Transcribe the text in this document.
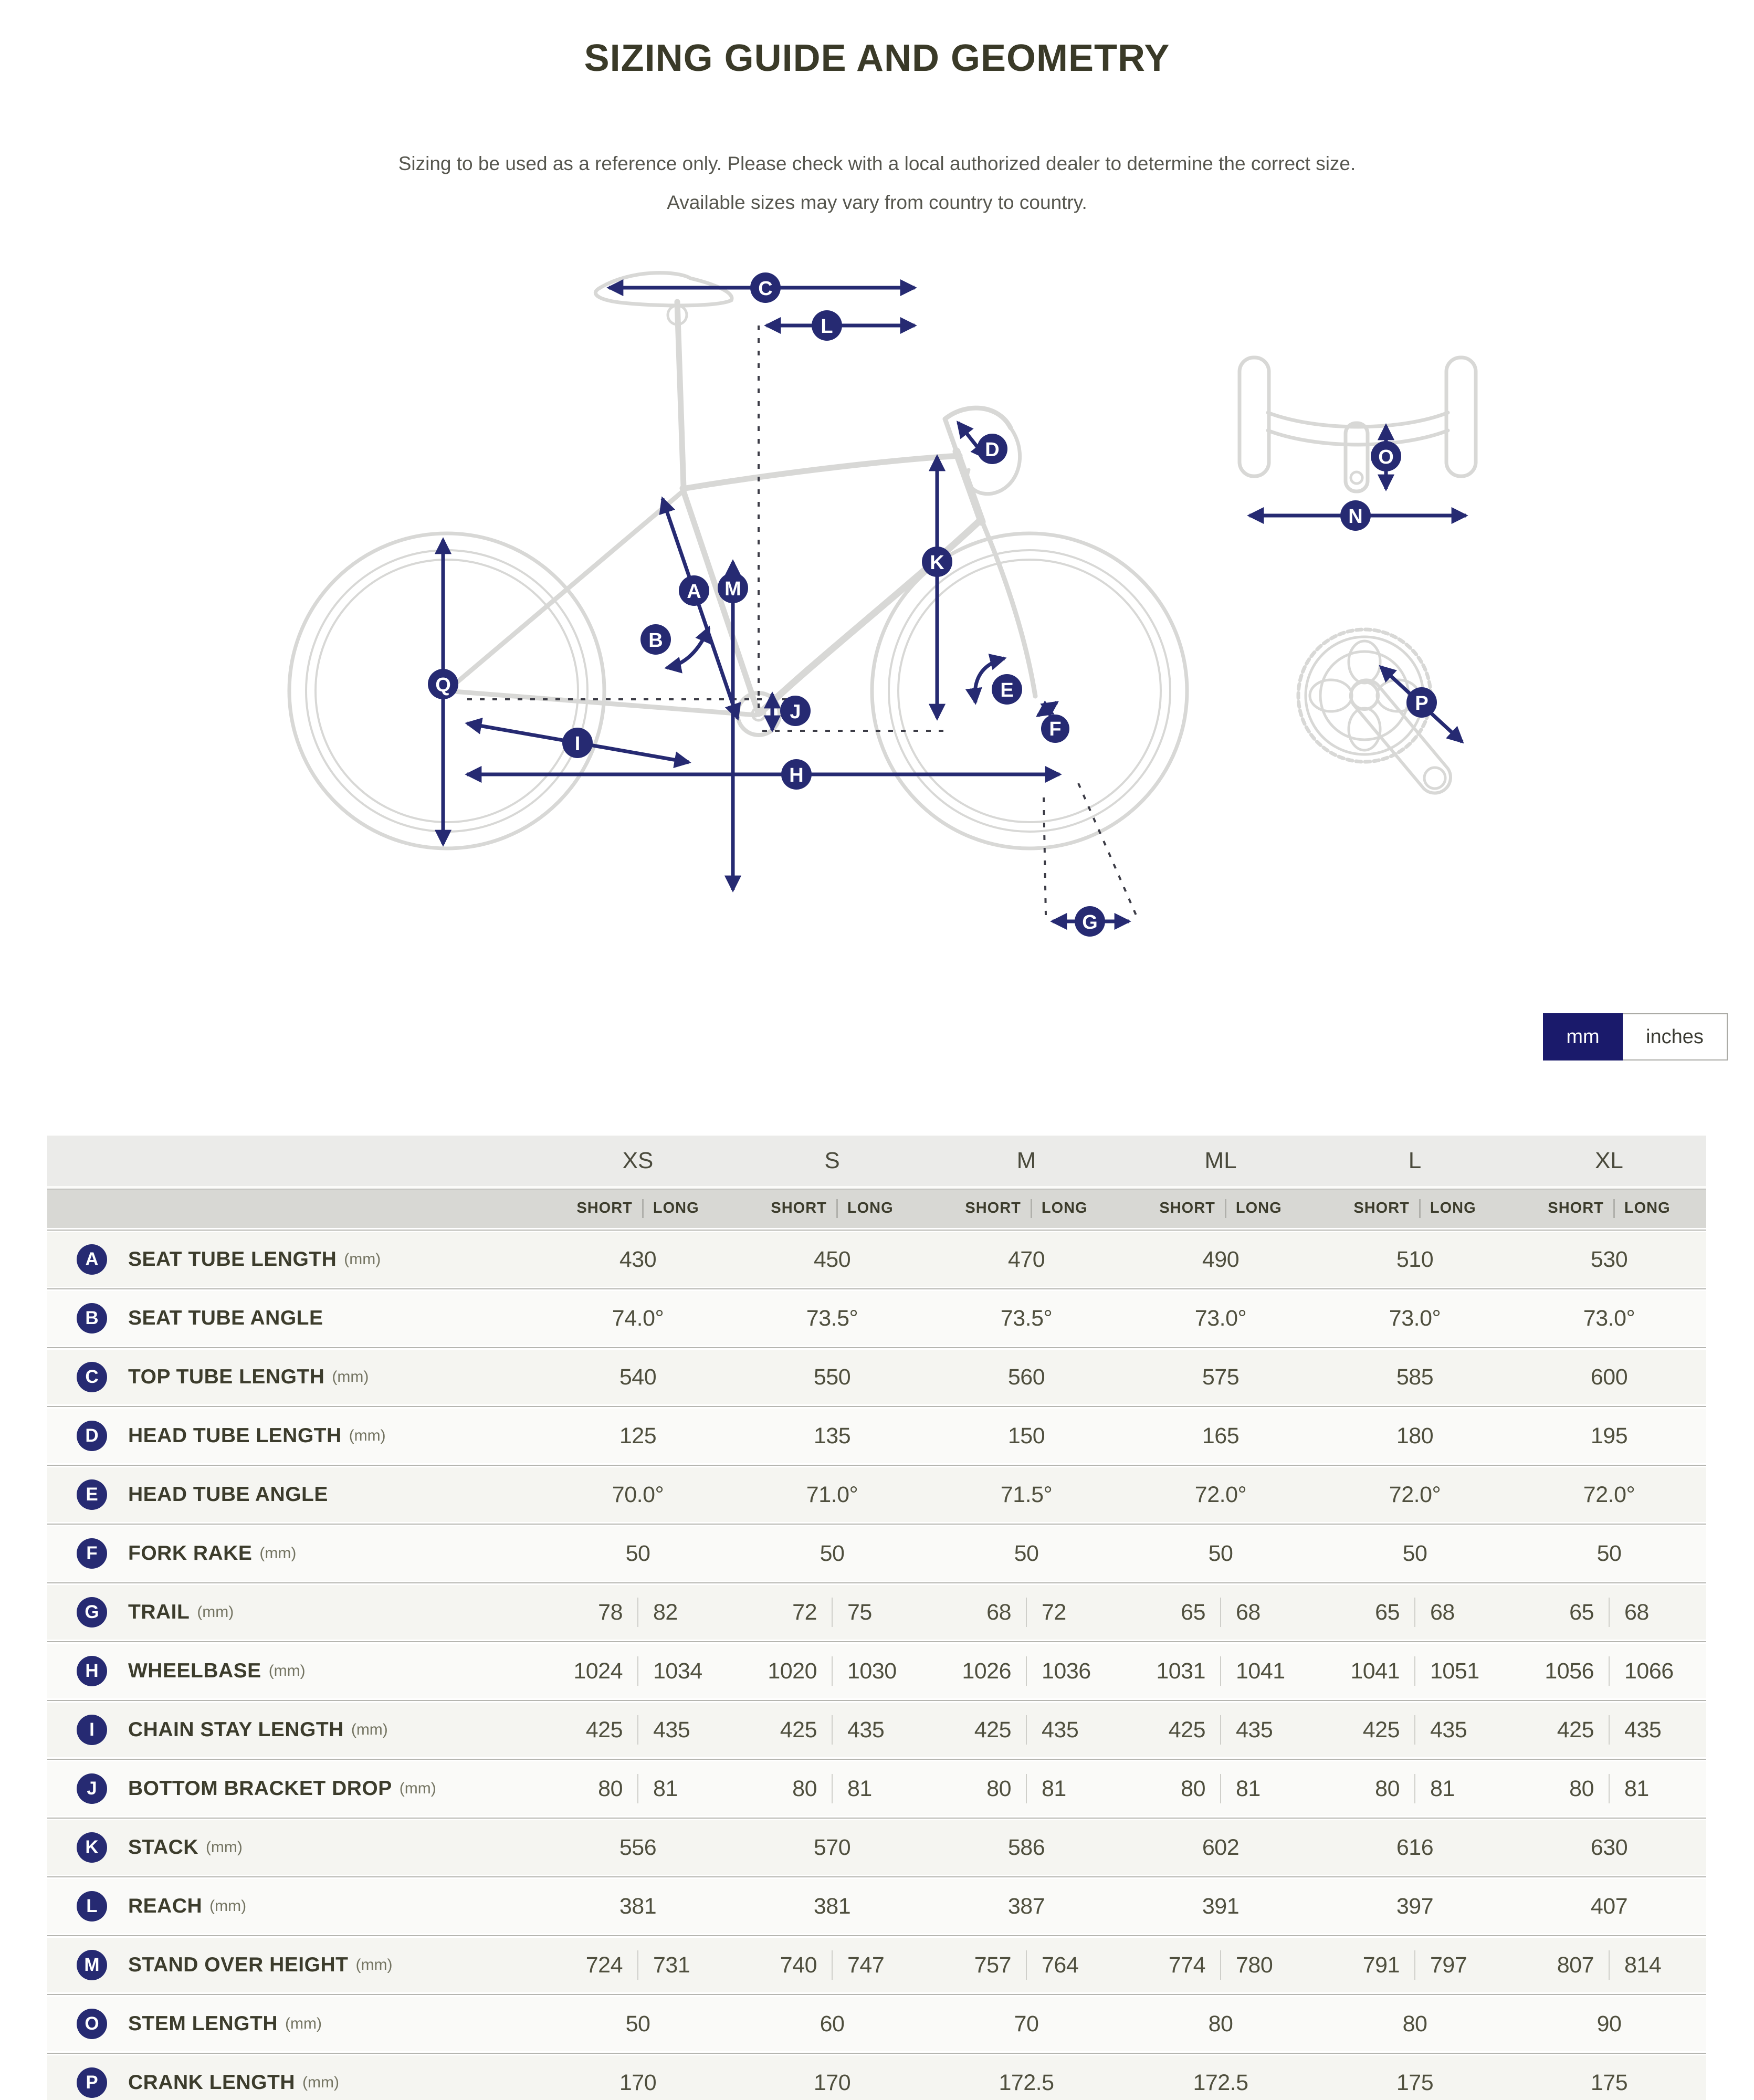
SIZING GUIDE AND GEOMETRY
Sizing to be used as a reference only. Please check with a local authorized dealer to determine the correct size.
Available sizes may vary from country to country.
C
L
D
K
A M
B
Q
J
E
F
I
H
G
O
N
P
mm	inches
XS	S	M	ML	L	XL
SHORT LONG	SHORT LONG	SHORT LONG	SHORT LONG	SHORT LONG	SHORT LONG
A	SEAT TUBE LENGTH (mm)	430	450	470	490	510	530
B	SEAT TUBE ANGLE	74.0°	73.5°	73.5°	73.0°	73.0°	73.0°
C	TOP TUBE LENGTH (mm)	540	550	560	575	585	600
D	HEAD TUBE LENGTH (mm)	125	135	150	165	180	195
E	HEAD TUBE ANGLE	70.0°	71.0°	71.5°	72.0°	72.0°	72.0°
F	FORK RAKE (mm)	50	50	50	50	50	50
G	TRAIL (mm)	78	82	72	75	68	72	65	68	65	68	65	68
H	WHEELBASE (mm)	1024	1034	1020	1030	1026	1036	1031	1041	1041	1051	1056	1066
I	CHAIN STAY LENGTH (mm)	425	435	425	435	425	435	425	435	425	435	425	435
J	BOTTOM BRACKET DROP (mm)	80	81	80	81	80	81	80	81	80	81	80	81
K	STACK (mm)	556	570	586	602	616	630
L	REACH (mm)	381	381	387	391	397	407
M	STAND OVER HEIGHT (mm)	724	731	740	747	757	764	774	780	791	797	807	814
O	STEM LENGTH (mm)	50	60	70	80	80	90
P	CRANK LENGTH (mm)	170	170	172.5	172.5	175	175
